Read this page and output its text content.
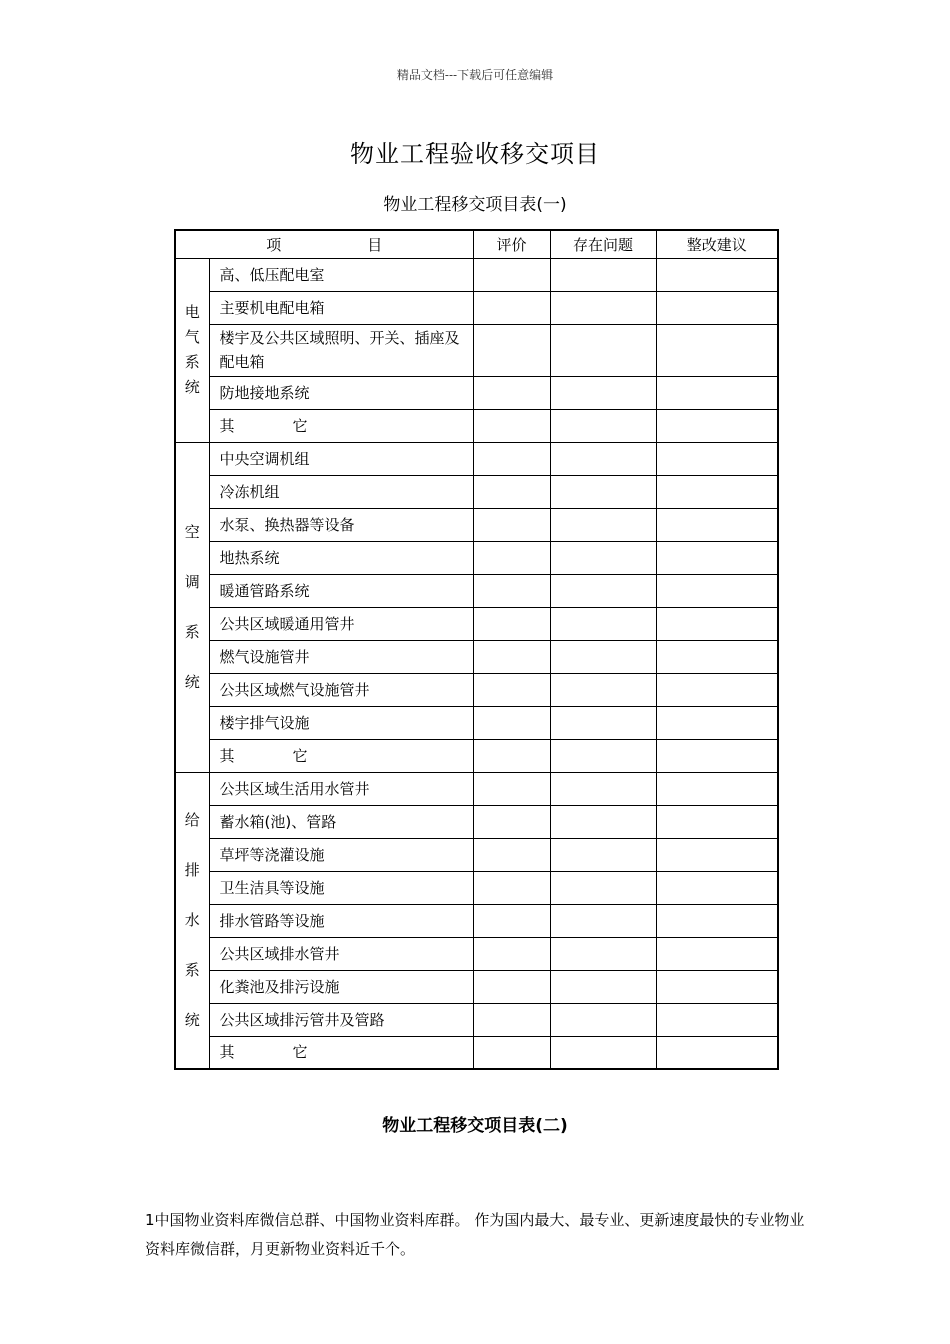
精品文档---下载后可任意编辑
物业工程验收移交项目
物业工程移交项目表(一)
项 目		评价	存在问题	整改建议

电
气
系
统	高、低压配电室			
	主要机电配电箱			
	楼宇及公共区域照明、开关、插座及配电箱			
	防地接地系统			
	其 它			

空
调
系
统	中央空调机组			
	冷冻机组			
	水泵、换热器等设备			
	地热系统			
	暖通管路系统			
	公共区域暖通用管井			
	燃气设施管井			
	公共区域燃气设施管井			
	楼宇排气设施			
	其 它			

给
排
水
系
统	公共区域生活用水管井			
	蓄水箱(池)、管路			
	草坪等浇灌设施			
	卫生洁具等设施			
	排水管路等设施			
	公共区域排水管井			
	化粪池及排污设施			
	公共区域排污管井及管路			
	其 它			
物业工程移交项目表(二)
1中国物业资料库微信总群、中国物业资料库群。 作为国内最大、最专业、更新速度最快的专业物业资料库微信群，月更新物业资料近千个。
